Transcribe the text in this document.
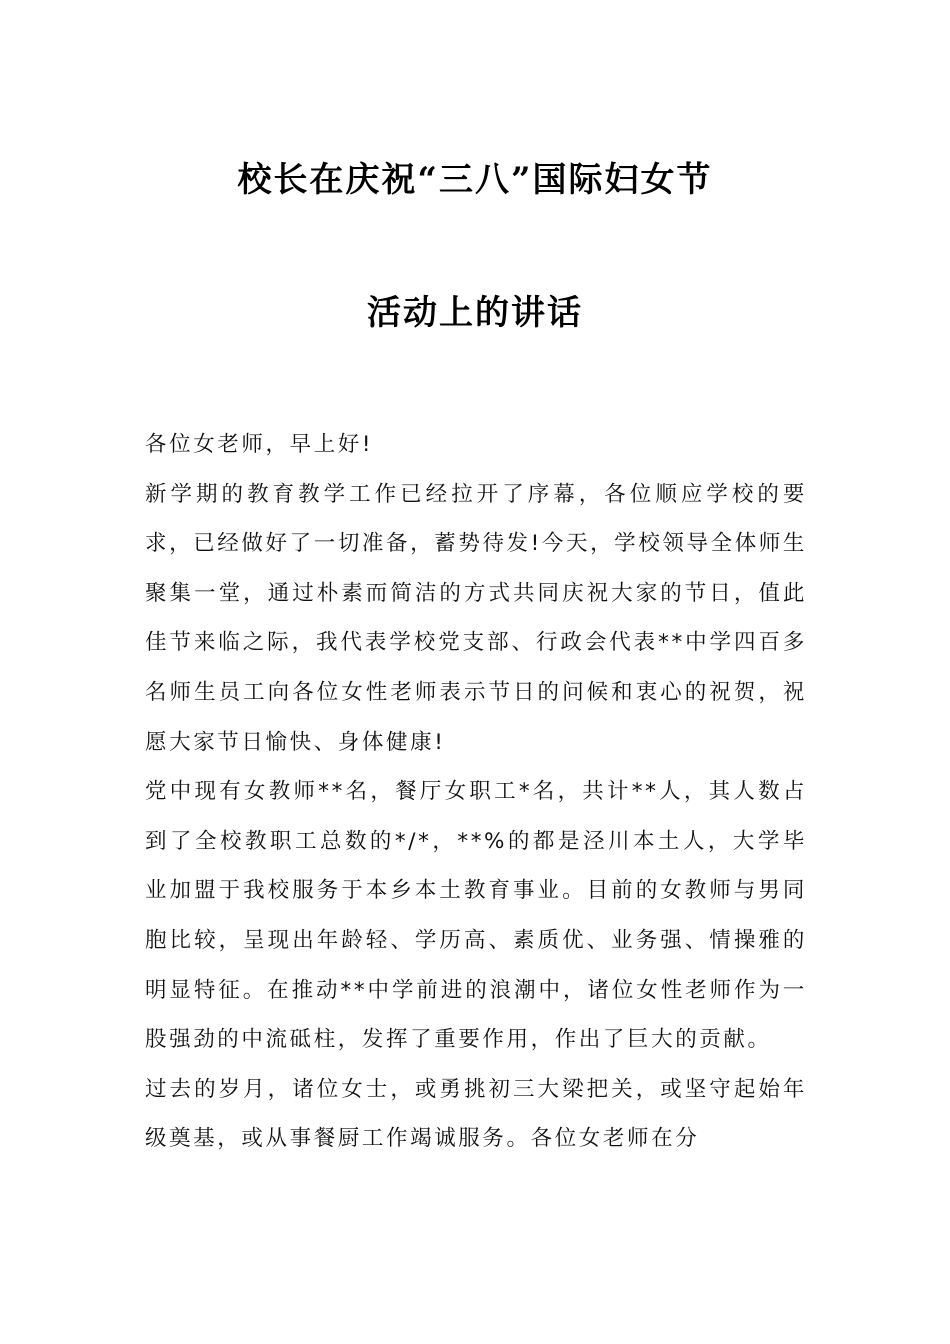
校长在庆祝“三八”国际妇女节
活动上的讲话

各位女老师，早上好!

新学期的教育教学工作已经拉开了序幕，各位顺应学校的要求，已经做好了一切准备，蓄势待发!今天，学校领导全体师生聚集一堂，通过朴素而简洁的方式共同庆祝大家的节日，值此佳节来临之际，我代表学校党支部、行政会代表**中学四百多名师生员工向各位女性老师表示节日的问候和衷心的祝贺，祝愿大家节日愉快、身体健康!

党中现有女教师**名，餐厅女职工*名，共计**人，其人数占到了全校教职工总数的*/*，**%的都是泾川本土人，大学毕业加盟于我校服务于本乡本土教育事业。目前的女教师与男同胞比较，呈现出年龄轻、学历高、素质优、业务强、情操雅的明显特征。在推动**中学前进的浪潮中，诸位女性老师作为一股强劲的中流砥柱，发挥了重要作用，作出了巨大的贡献。

过去的岁月，诸位女士，或勇挑初三大梁把关，或坚守起始年级奠基，或从事餐厨工作竭诚服务。各位女老师在分
